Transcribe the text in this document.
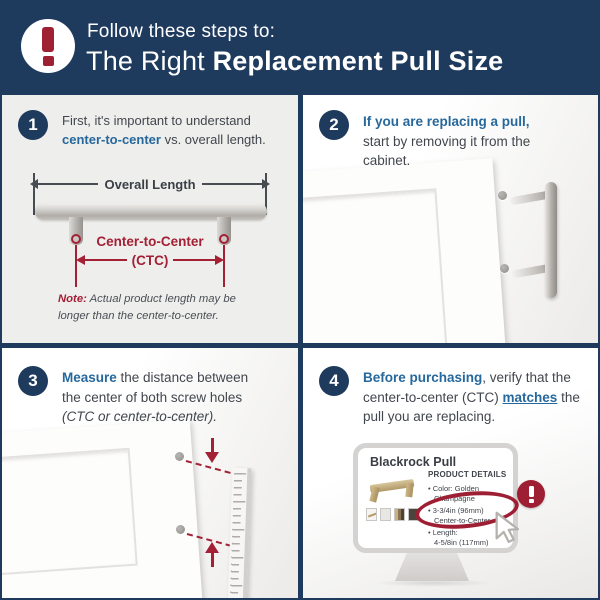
Follow these steps to:
The Right Replacement Pull Size
1	First, it's important to understand center-to-center vs. overall length.
Overall Length
Center-to-Center
(CTC)
Note: Actual product length may be longer than the center-to-center.
2	If you are replacing a pull, start by removing it from the cabinet.
3	Measure the distance between the center of both screw holes (CTC or center-to-center).
4	Before purchasing, verify that the center-to-center (CTC) matches the pull you are replacing.
Blackrock Pull
PRODUCT DETAILS
• Color: Golden
Champagne
• 3-3/4in (96mm)
Center-to-Center
• Length:
4-5/8in (117mm)
